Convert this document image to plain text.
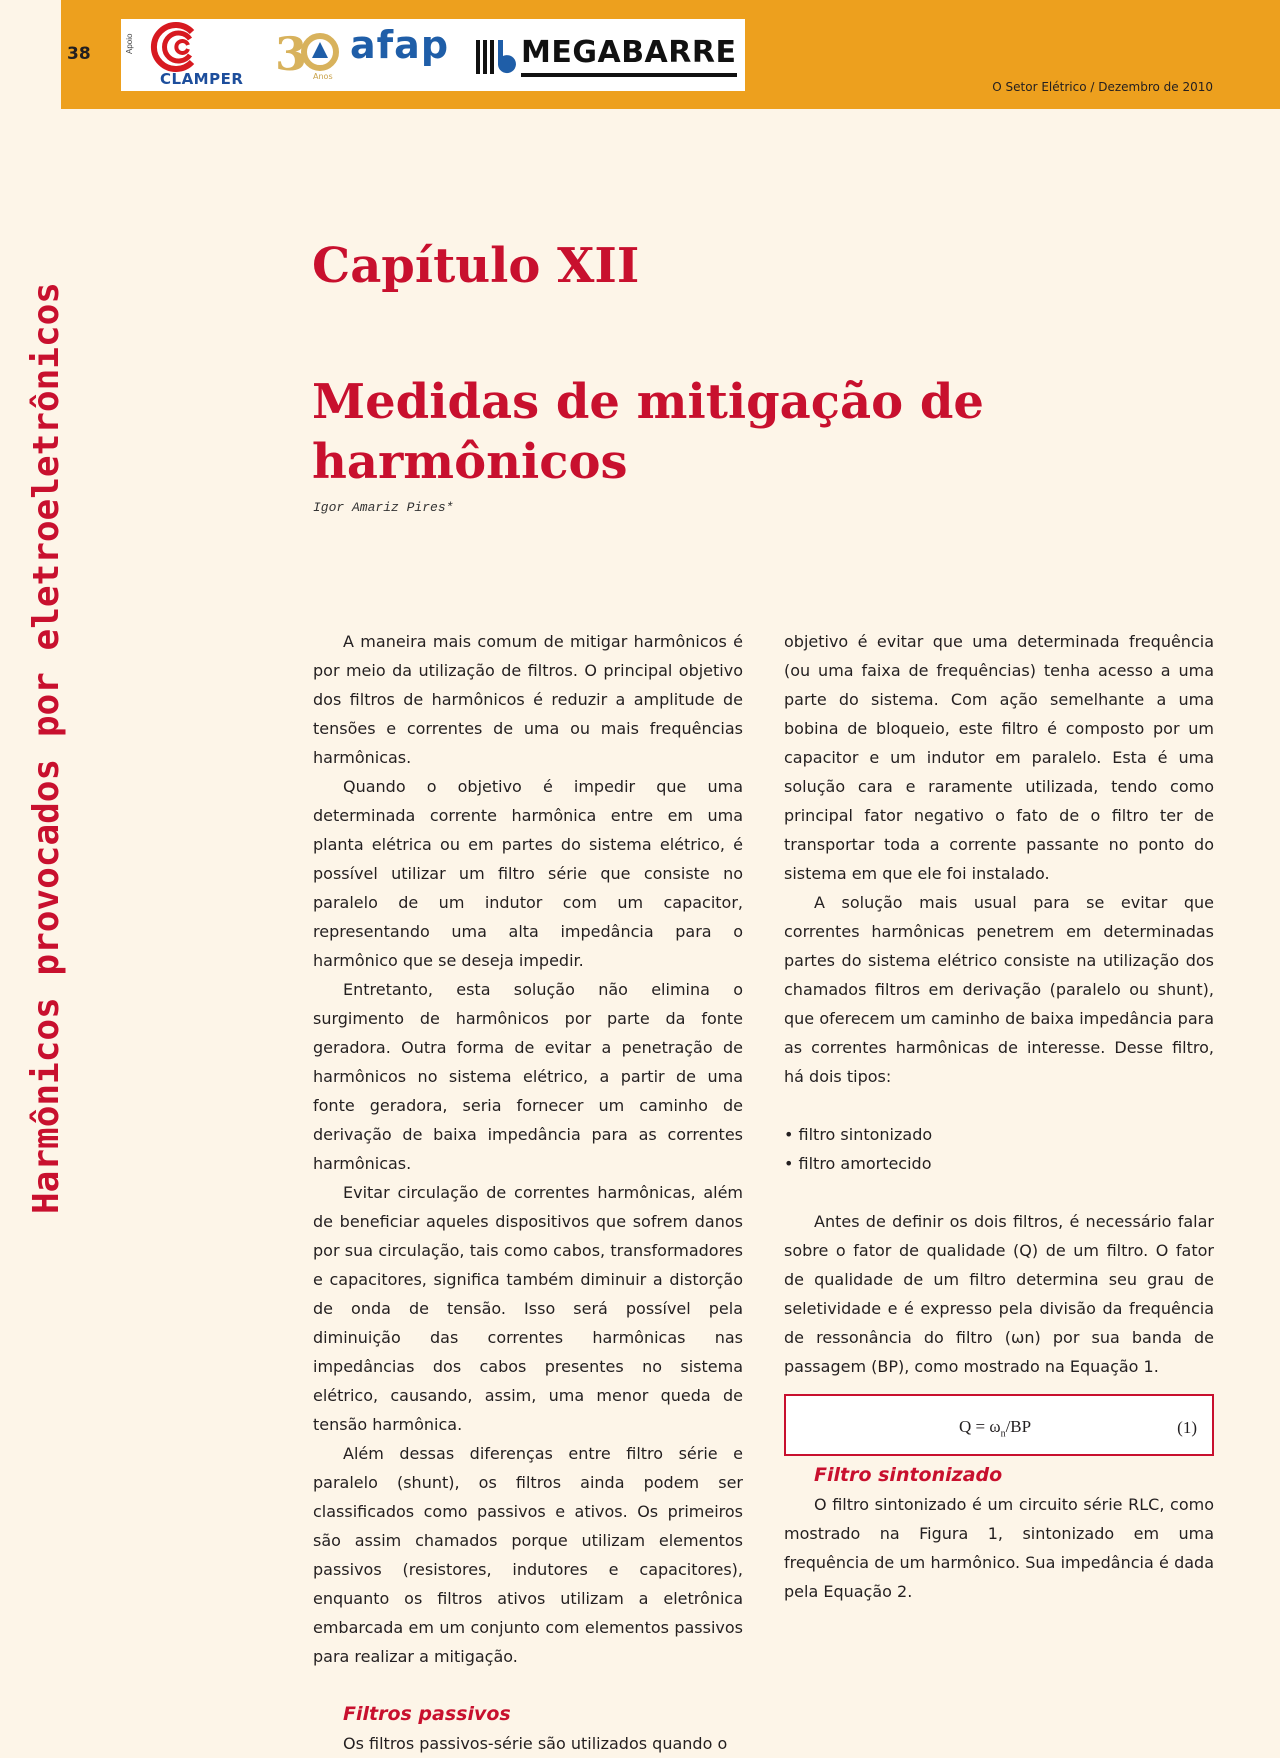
38	Apoio
CLAMPER 3 Anos
afap MEGABARRE
O Setor Elétrico / Dezembro de 2010
Harmônicos provocados por eletroeletrônicos
Capítulo XII
Medidas de mitigação de harmônicos
Igor Amariz Pires*

A maneira mais comum de mitigar harmônicos é por meio da utilização de filtros. O principal objetivo dos filtros de harmônicos é reduzir a amplitude de tensões e correntes de uma ou mais frequências harmônicas.

Quando o objetivo é impedir que uma determinada corrente harmônica entre em uma planta elétrica ou em partes do sistema elétrico, é possível utilizar um filtro série que consiste no paralelo de um indutor com um capacitor, representando uma alta impedância para o harmônico que se deseja impedir.

Entretanto, esta solução não elimina o surgimento de harmônicos por parte da fonte geradora. Outra forma de evitar a penetração de harmônicos no sistema elétrico, a partir de uma fonte geradora, seria fornecer um caminho de derivação de baixa impedância para as correntes harmônicas.

Evitar circulação de correntes harmônicas, além de beneficiar aqueles dispositivos que sofrem danos por sua circulação, tais como cabos, transformadores e capacitores, significa também diminuir a distorção de onda de tensão. Isso será possível pela diminuição das correntes harmônicas nas impedâncias dos cabos presentes no sistema elétrico, causando, assim, uma menor queda de tensão harmônica.

Além dessas diferenças entre filtro série e paralelo (shunt), os filtros ainda podem ser classificados como passivos e ativos. Os primeiros são assim chamados porque utilizam elementos passivos (resistores, indutores e capacitores), enquanto os filtros ativos utilizam a eletrônica embarcada em um conjunto com elementos passivos para realizar a mitigação.

Filtros passivos

Os filtros passivos-série são utilizados quando o

objetivo é evitar que uma determinada frequência (ou uma faixa de frequências) tenha acesso a uma parte do sistema. Com ação semelhante a uma bobina de bloqueio, este filtro é composto por um capacitor e um indutor em paralelo. Esta é uma solução cara e raramente utilizada, tendo como principal fator negativo o fato de o filtro ter de transportar toda a corrente passante no ponto do sistema em que ele foi instalado.

A solução mais usual para se evitar que correntes harmônicas penetrem em determinadas partes do sistema elétrico consiste na utilização dos chamados filtros em derivação (paralelo ou shunt), que oferecem um caminho de baixa impedância para as correntes harmônicas de interesse. Desse filtro, há dois tipos:

• filtro sintonizado
• filtro amortecido

Antes de definir os dois filtros, é necessário falar sobre o fator de qualidade (Q) de um filtro. O fator de qualidade de um filtro determina seu grau de seletividade e é expresso pela divisão da frequência de ressonância do filtro (ωn) por sua banda de passagem (BP), como mostrado na Equação 1.

$Q = \omega_n/BP$	(1)
Filtro sintonizado

O filtro sintonizado é um circuito série RLC, como mostrado na Figura 1, sintonizado em uma frequência de um harmônico. Sua impedância é dada pela Equação 2.
